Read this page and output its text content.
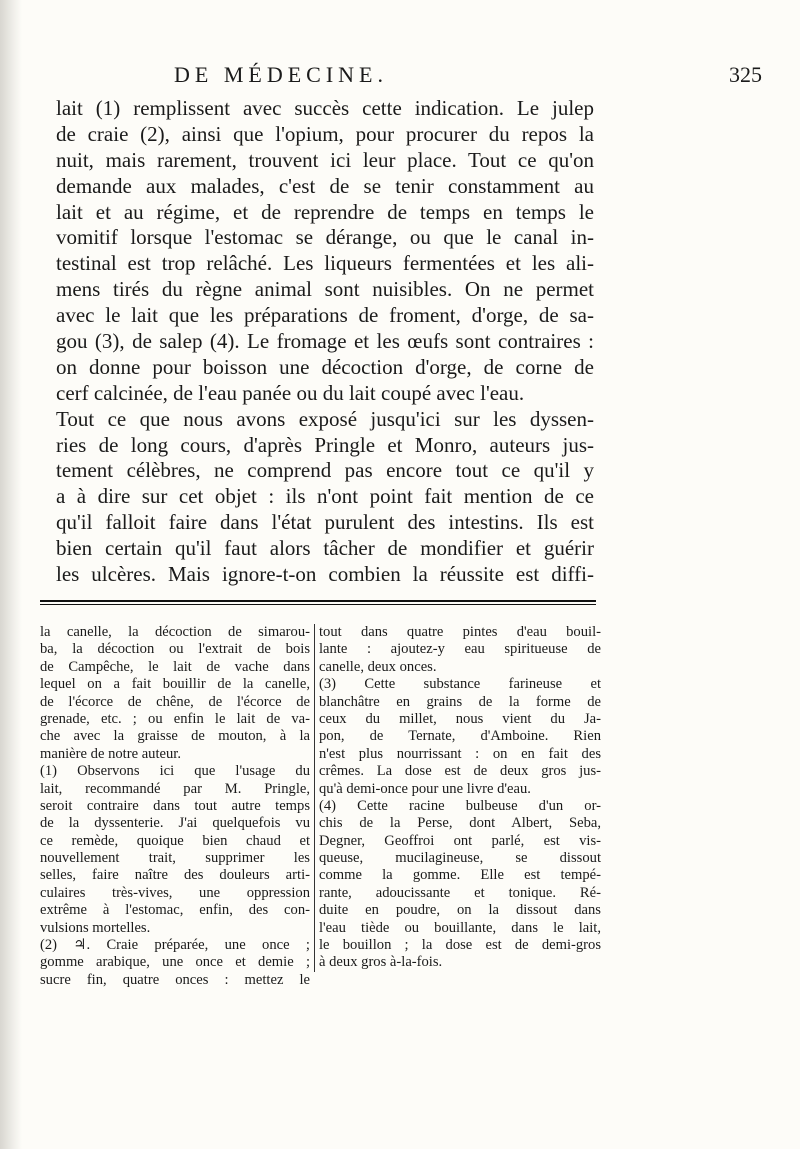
DE MÉDECINE.	325
lait (1) remplissent avec succès cette indication. Le julep
de craie (2), ainsi que l'opium, pour procurer du repos la
nuit, mais rarement, trouvent ici leur place. Tout ce qu'on
demande aux malades, c'est de se tenir constamment au
lait et au régime, et de reprendre de temps en temps le
vomitif lorsque l'estomac se dérange, ou que le canal in-
testinal est trop relâché. Les liqueurs fermentées et les ali-
mens tirés du règne animal sont nuisibles. On ne permet
avec le lait que les préparations de froment, d'orge, de sa-
gou (3), de salep (4). Le fromage et les œufs sont contraires :
on donne pour boisson une décoction d'orge, de corne de
cerf calcinée, de l'eau panée ou du lait coupé avec l'eau.
Tout ce que nous avons exposé jusqu'ici sur les dyssen-
ries de long cours, d'après Pringle et Monro, auteurs jus-
tement célèbres, ne comprend pas encore tout ce qu'il y
a à dire sur cet objet : ils n'ont point fait mention de ce
qu'il falloit faire dans l'état purulent des intestins. Ils est
bien certain qu'il faut alors tâcher de mondifier et guérir
les ulcères. Mais ignore-t-on combien la réussite est diffi-
la canelle, la décoction de simarou-
ba, la décoction ou l'extrait de bois
de Campêche, le lait de vache dans
lequel on a fait bouillir de la canelle,
de l'écorce de chêne, de l'écorce de
grenade, etc. ; ou enfin le lait de va-
che avec la graisse de mouton, à la
manière de notre auteur.
(1) Observons ici que l'usage du
lait, recommandé par M. Pringle,
seroit contraire dans tout autre temps
de la dyssenterie. J'ai quelquefois vu
ce remède, quoique bien chaud et
nouvellement trait, supprimer les
selles, faire naître des douleurs arti-
culaires très-vives, une oppression
extrême à l'estomac, enfin, des con-
vulsions mortelles.
(2) ♃. Craie préparée, une once ;
gomme arabique, une once et demie ;
sucre fin, quatre onces : mettez le
tout dans quatre pintes d'eau bouil-
lante : ajoutez-y eau spiritueuse de
canelle, deux onces.
(3) Cette substance farineuse et
blanchâtre en grains de la forme de
ceux du millet, nous vient du Ja-
pon, de Ternate, d'Amboine. Rien
n'est plus nourrissant : on en fait des
crêmes. La dose est de deux gros jus-
qu'à demi-once pour une livre d'eau.
(4) Cette racine bulbeuse d'un or-
chis de la Perse, dont Albert, Seba,
Degner, Geoffroi ont parlé, est vis-
queuse, mucilagineuse, se dissout
comme la gomme. Elle est tempé-
rante, adoucissante et tonique. Ré-
duite en poudre, on la dissout dans
l'eau tiède ou bouillante, dans le lait,
le bouillon ; la dose est de demi-gros
à deux gros à-la-fois.
